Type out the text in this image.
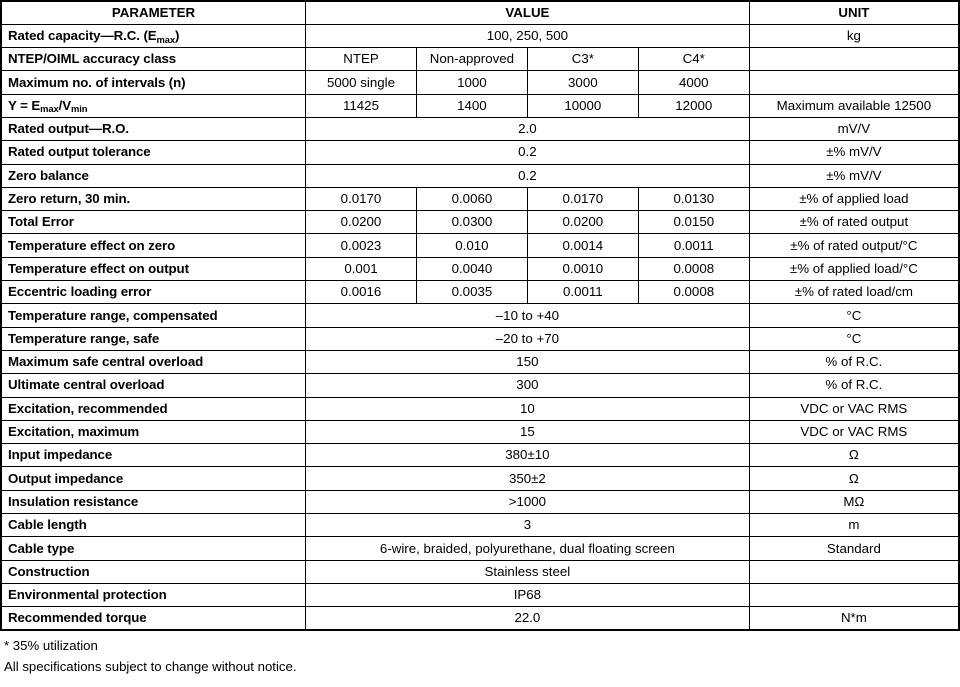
PARAMETER	VALUE				UNIT
Rated capacity—R.C. $(E_{max})$	100, 250, 500				kg
NTEP/OIML accuracy class	NTEP	Non-approved	C3*	C4*	
Maximum no. of intervals (n)	5000 single	1000	3000	4000	
$Y = E_{max}/V_{min}$	11425	1400	10000	12000	Maximum available 12500
Rated output—R.O.	2.0				mV/V
Rated output tolerance	0.2				±% mV/V
Zero balance	0.2				±% mV/V
Zero return, 30 min.	0.0170	0.0060	0.0170	0.0130	±% of applied load
Total Error	0.0200	0.0300	0.0200	0.0150	±% of rated output
Temperature effect on zero	0.0023	0.010	0.0014	0.0011	±% of rated output/°C
Temperature effect on output	0.001	0.0040	0.0010	0.0008	±% of applied load/°C
Eccentric loading error	0.0016	0.0035	0.0011	0.0008	±% of rated load/cm
Temperature range, compensated	–10 to +40				°C
Temperature range, safe	–20 to +70				°C
Maximum safe central overload	150				% of R.C.
Ultimate central overload	300				% of R.C.
Excitation, recommended	10				VDC or VAC RMS
Excitation, maximum	15				VDC or VAC RMS
Input impedance	380±10				Ω
Output impedance	350±2				Ω
Insulation resistance	>1000				MΩ
Cable length	3				m
Cable type	6-wire, braided, polyurethane, dual floating screen				Standard
Construction	Stainless steel				
Environmental protection	IP68				
Recommended torque	22.0				N*m
* 35% utilization
All specifications subject to change without notice.
